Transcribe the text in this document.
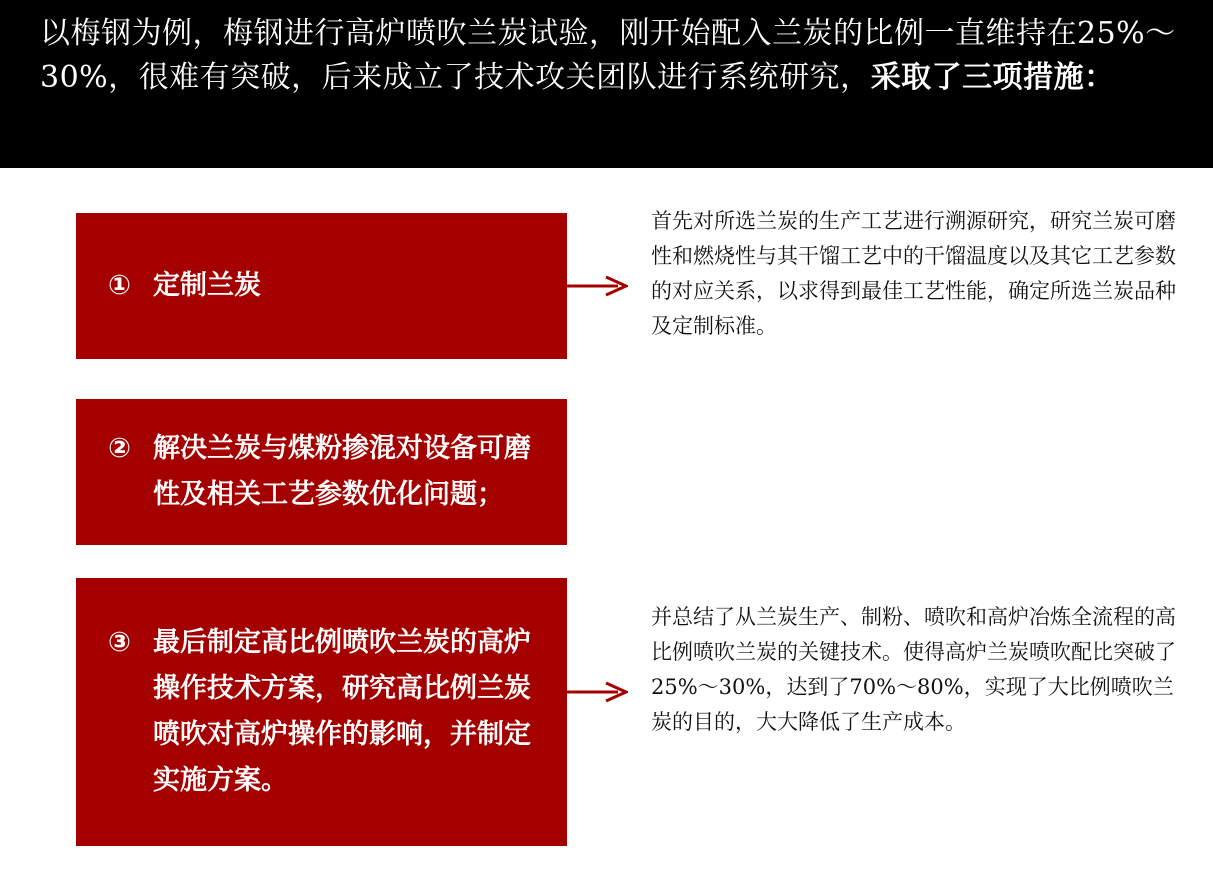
以梅钢为例，梅钢进行高炉喷吹兰炭试验，刚开始配入兰炭的比例一直维持在25%～30%，很难有突破，后来成立了技术攻关团队进行系统研究，采取了三项措施：
① 定制兰炭
② 解决兰炭与煤粉掺混对设备可磨性及相关工艺参数优化问题；
③ 最后制定高比例喷吹兰炭的高炉操作技术方案，研究高比例兰炭喷吹对高炉操作的影响，并制定实施方案。
首先对所选兰炭的生产工艺进行溯源研究，研究兰炭可磨性和燃烧性与其干馏工艺中的干馏温度以及其它工艺参数的对应关系，以求得到最佳工艺性能，确定所选兰炭品种及定制标准。
并总结了从兰炭生产、制粉、喷吹和高炉冶炼全流程的高比例喷吹兰炭的关键技术。使得高炉兰炭喷吹配比突破了25%～30%，达到了70%～80%，实现了大比例喷吹兰炭的目的，大大降低了生产成本。
